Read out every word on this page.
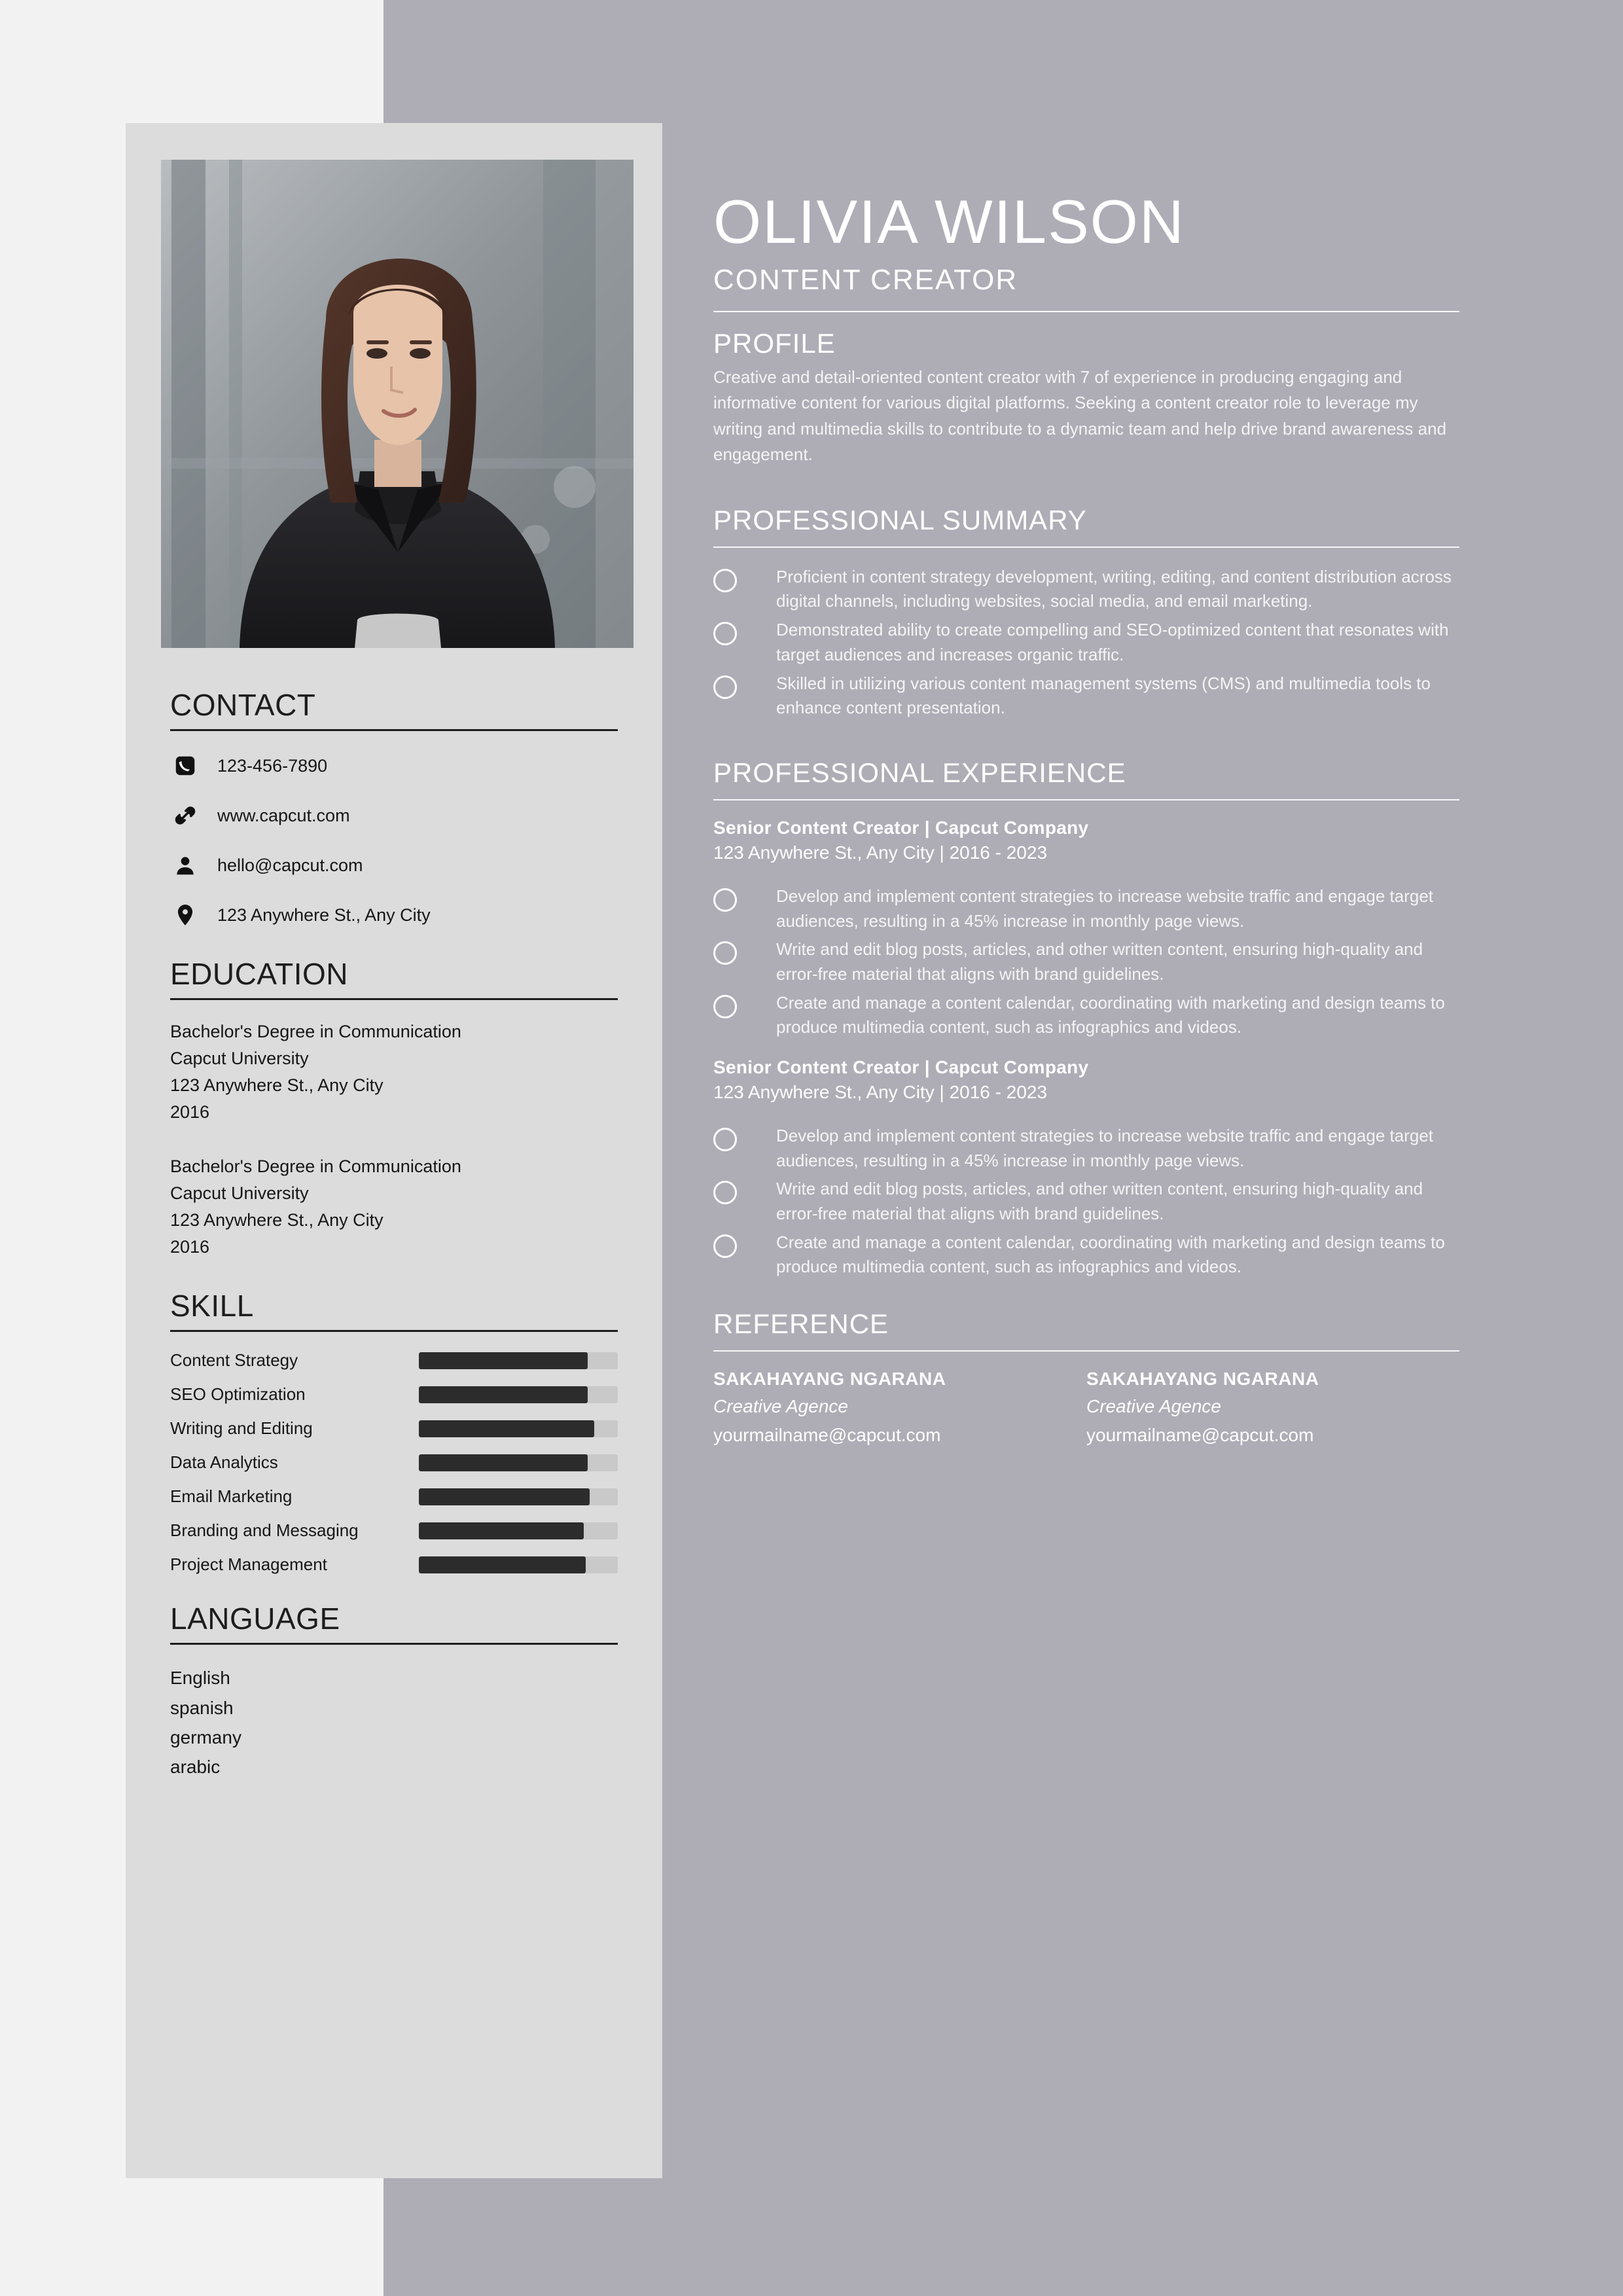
CONTACT
123-456-7890
www.capcut.com
hello@capcut.com
123 Anywhere St., Any City
EDUCATION
Bachelor's Degree in Communication
Capcut University
123 Anywhere St., Any City
2016
Bachelor's Degree in Communication
Capcut University
123 Anywhere St., Any City
2016
SKILL
Content Strategy
SEO Optimization
Writing and Editing
Data Analytics
Email Marketing
Branding and Messaging
Project Management
LANGUAGE
English
spanish
germany
arabic
OLIVIA WILSON
CONTENT CREATOR
PROFILE
Creative and detail-oriented content creator with 7 of experience in producing engaging and informative content for various digital platforms. Seeking a content creator role to leverage my writing and multimedia skills to contribute to a dynamic team and help drive brand awareness and engagement.
PROFESSIONAL SUMMARY
Proficient in content strategy development, writing, editing, and content distribution across digital channels, including websites, social media, and email marketing.
Demonstrated ability to create compelling and SEO-optimized content that resonates with target audiences and increases organic traffic.
Skilled in utilizing various content management systems (CMS) and multimedia tools to enhance content presentation.
PROFESSIONAL EXPERIENCE
Senior Content Creator | Capcut Company
123 Anywhere St., Any City | 2016 - 2023
Develop and implement content strategies to increase website traffic and engage target audiences, resulting in a 45% increase in monthly page views.
Write and edit blog posts, articles, and other written content, ensuring high-quality and error-free material that aligns with brand guidelines.
Create and manage a content calendar, coordinating with marketing and design teams to produce multimedia content, such as infographics and videos.
Senior Content Creator | Capcut Company
123 Anywhere St., Any City | 2016 - 2023
Develop and implement content strategies to increase website traffic and engage target audiences, resulting in a 45% increase in monthly page views.
Write and edit blog posts, articles, and other written content, ensuring high-quality and error-free material that aligns with brand guidelines.
Create and manage a content calendar, coordinating with marketing and design teams to produce multimedia content, such as infographics and videos.
REFERENCE
SAKAHAYANG NGARANA
Creative Agence
yourmailname@capcut.com
SAKAHAYANG NGARANA
Creative Agence
yourmailname@capcut.com
